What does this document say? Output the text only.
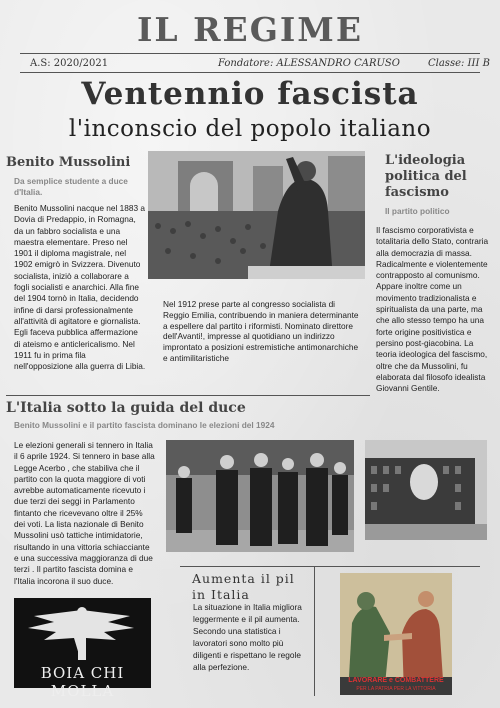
IL REGIME
A.S: 2020/2021	Fondatore: ALESSANDRO CARUSO	Classe: III B
Ventennio fascista
l'inconscio del popolo italiano
Benito Mussolini
Da semplice studente a duce d'Italia.
Benito Mussolini nacque nel 1883 a Dovia di Predappio, in Romagna, da un fabbro socialista e una maestra elementare. Preso nel 1901 il diploma magistrale, nel 1902 emigrò in Svizzera. Divenuto socialista, iniziò a collaborare a fogli socialisti e anarchici. Alla fine del 1904 tornò in Italia, decidendo infine di darsi professionalmente all'attività di agitatore e giornalista. Egli faceva pubblica affermazione di ateismo e anticlericalismo. Nel 1911 fu in prima fila nell'opposizione alla guerra di Libia.
Nel 1912 prese parte al congresso socialista di Reggio Emilia, contribuendo in maniera determinante a espellere dal partito i riformisti. Nominato direttore dell'Avanti!, impresse al quotidiano un indirizzo improntato a posizioni estremistiche antimonarchiche e antimilitaristiche
L'ideologia politica del fascismo
Il partito politico
Il fascismo corporativista e totalitaria dello Stato, contraria alla democrazia di massa. Radicalmente e violentemente contrapposto al comunismo. Appare inoltre come un movimento tradizionalista e spiritualista da una parte, ma che allo stesso tempo ha una forte origine positivistica e persino post-giacobina. La teoria ideologica del fascismo, oltre che da Mussolini, fu elaborata dal filosofo idealista Giovanni Gentile.
L'Italia sotto la guida del duce
Benito Mussolini e il partito fascista dominano le elezioni del 1924
Le elezioni generali si tennero in Italia il 6 aprile 1924. Si tennero in base alla Legge Acerbo , che stabiliva che il partito con la quota maggiore di voti avrebbe automaticamente ricevuto i due terzi dei seggi in Parlamento fintanto che ricevevano oltre il 25% dei voti. La lista nazionale di Benito Mussolini usò tattiche intimidatorie, risultando in una vittoria schiacciante e una successiva maggioranza di due terzi . Il partito fascista domina e l'Italia incorona il suo duce.
BOIA CHI MOLLA
Aumenta il pil in Italia
La situazione in Italia migliora leggermente e il pil aumenta. Secondo una statistica i lavoratori sono molto più diligenti e rispettano le regole alla perfezione.
LAVORARE e COMBATTERE
PER LA PATRIA PER LA VITTORIA
